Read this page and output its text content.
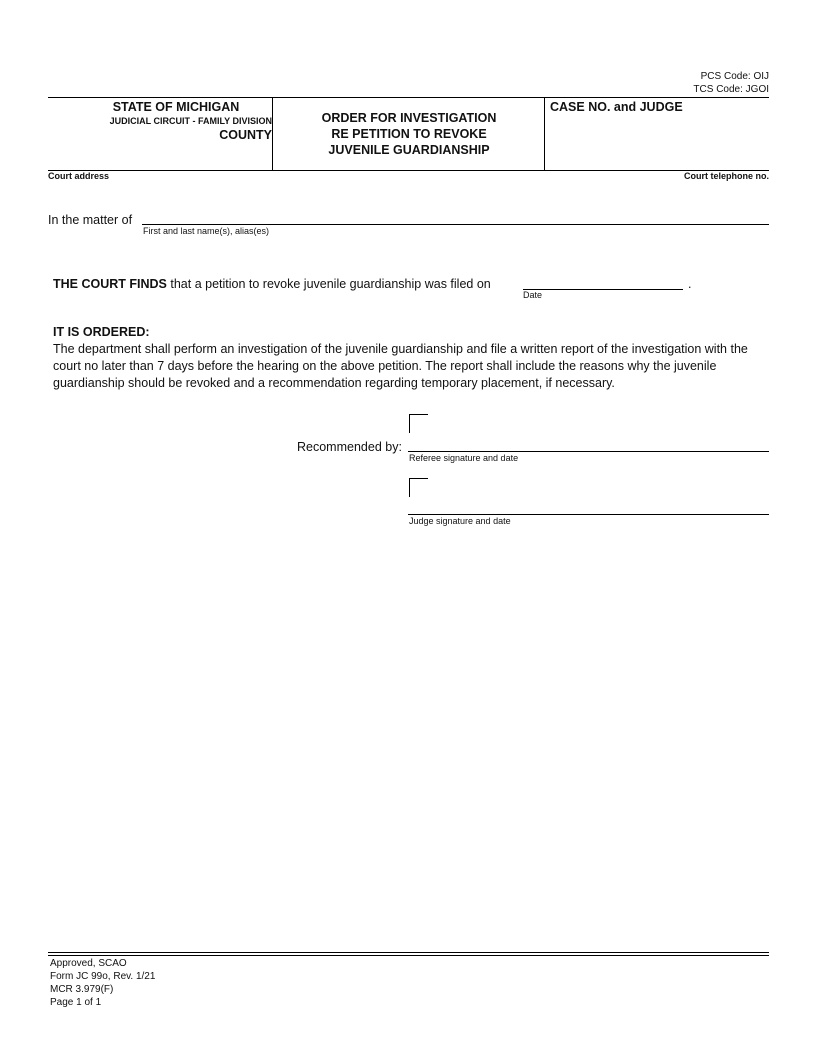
PCS Code: OIJ
TCS Code: JGOI
STATE OF MICHIGAN
JUDICIAL CIRCUIT - FAMILY DIVISION
COUNTY
ORDER FOR INVESTIGATION
RE PETITION TO REVOKE
JUVENILE GUARDIANSHIP
CASE NO. and JUDGE
Court address	Court telephone no.
In the matter of
First and last name(s), alias(es)
THE COURT FINDS that a petition to revoke juvenile guardianship was filed on	.
Date
IT IS ORDERED:
The department shall perform an investigation of the juvenile guardianship and file a written report of the investigation with the court no later than 7 days before the hearing on the above petition. The report shall include the reasons why the juvenile guardianship should be revoked and a recommendation regarding temporary placement, if necessary.
Recommended by:
Referee signature and date
Judge signature and date
Approved, SCAO
Form JC 99o, Rev. 1/21
MCR 3.979(F)
Page 1 of 1
